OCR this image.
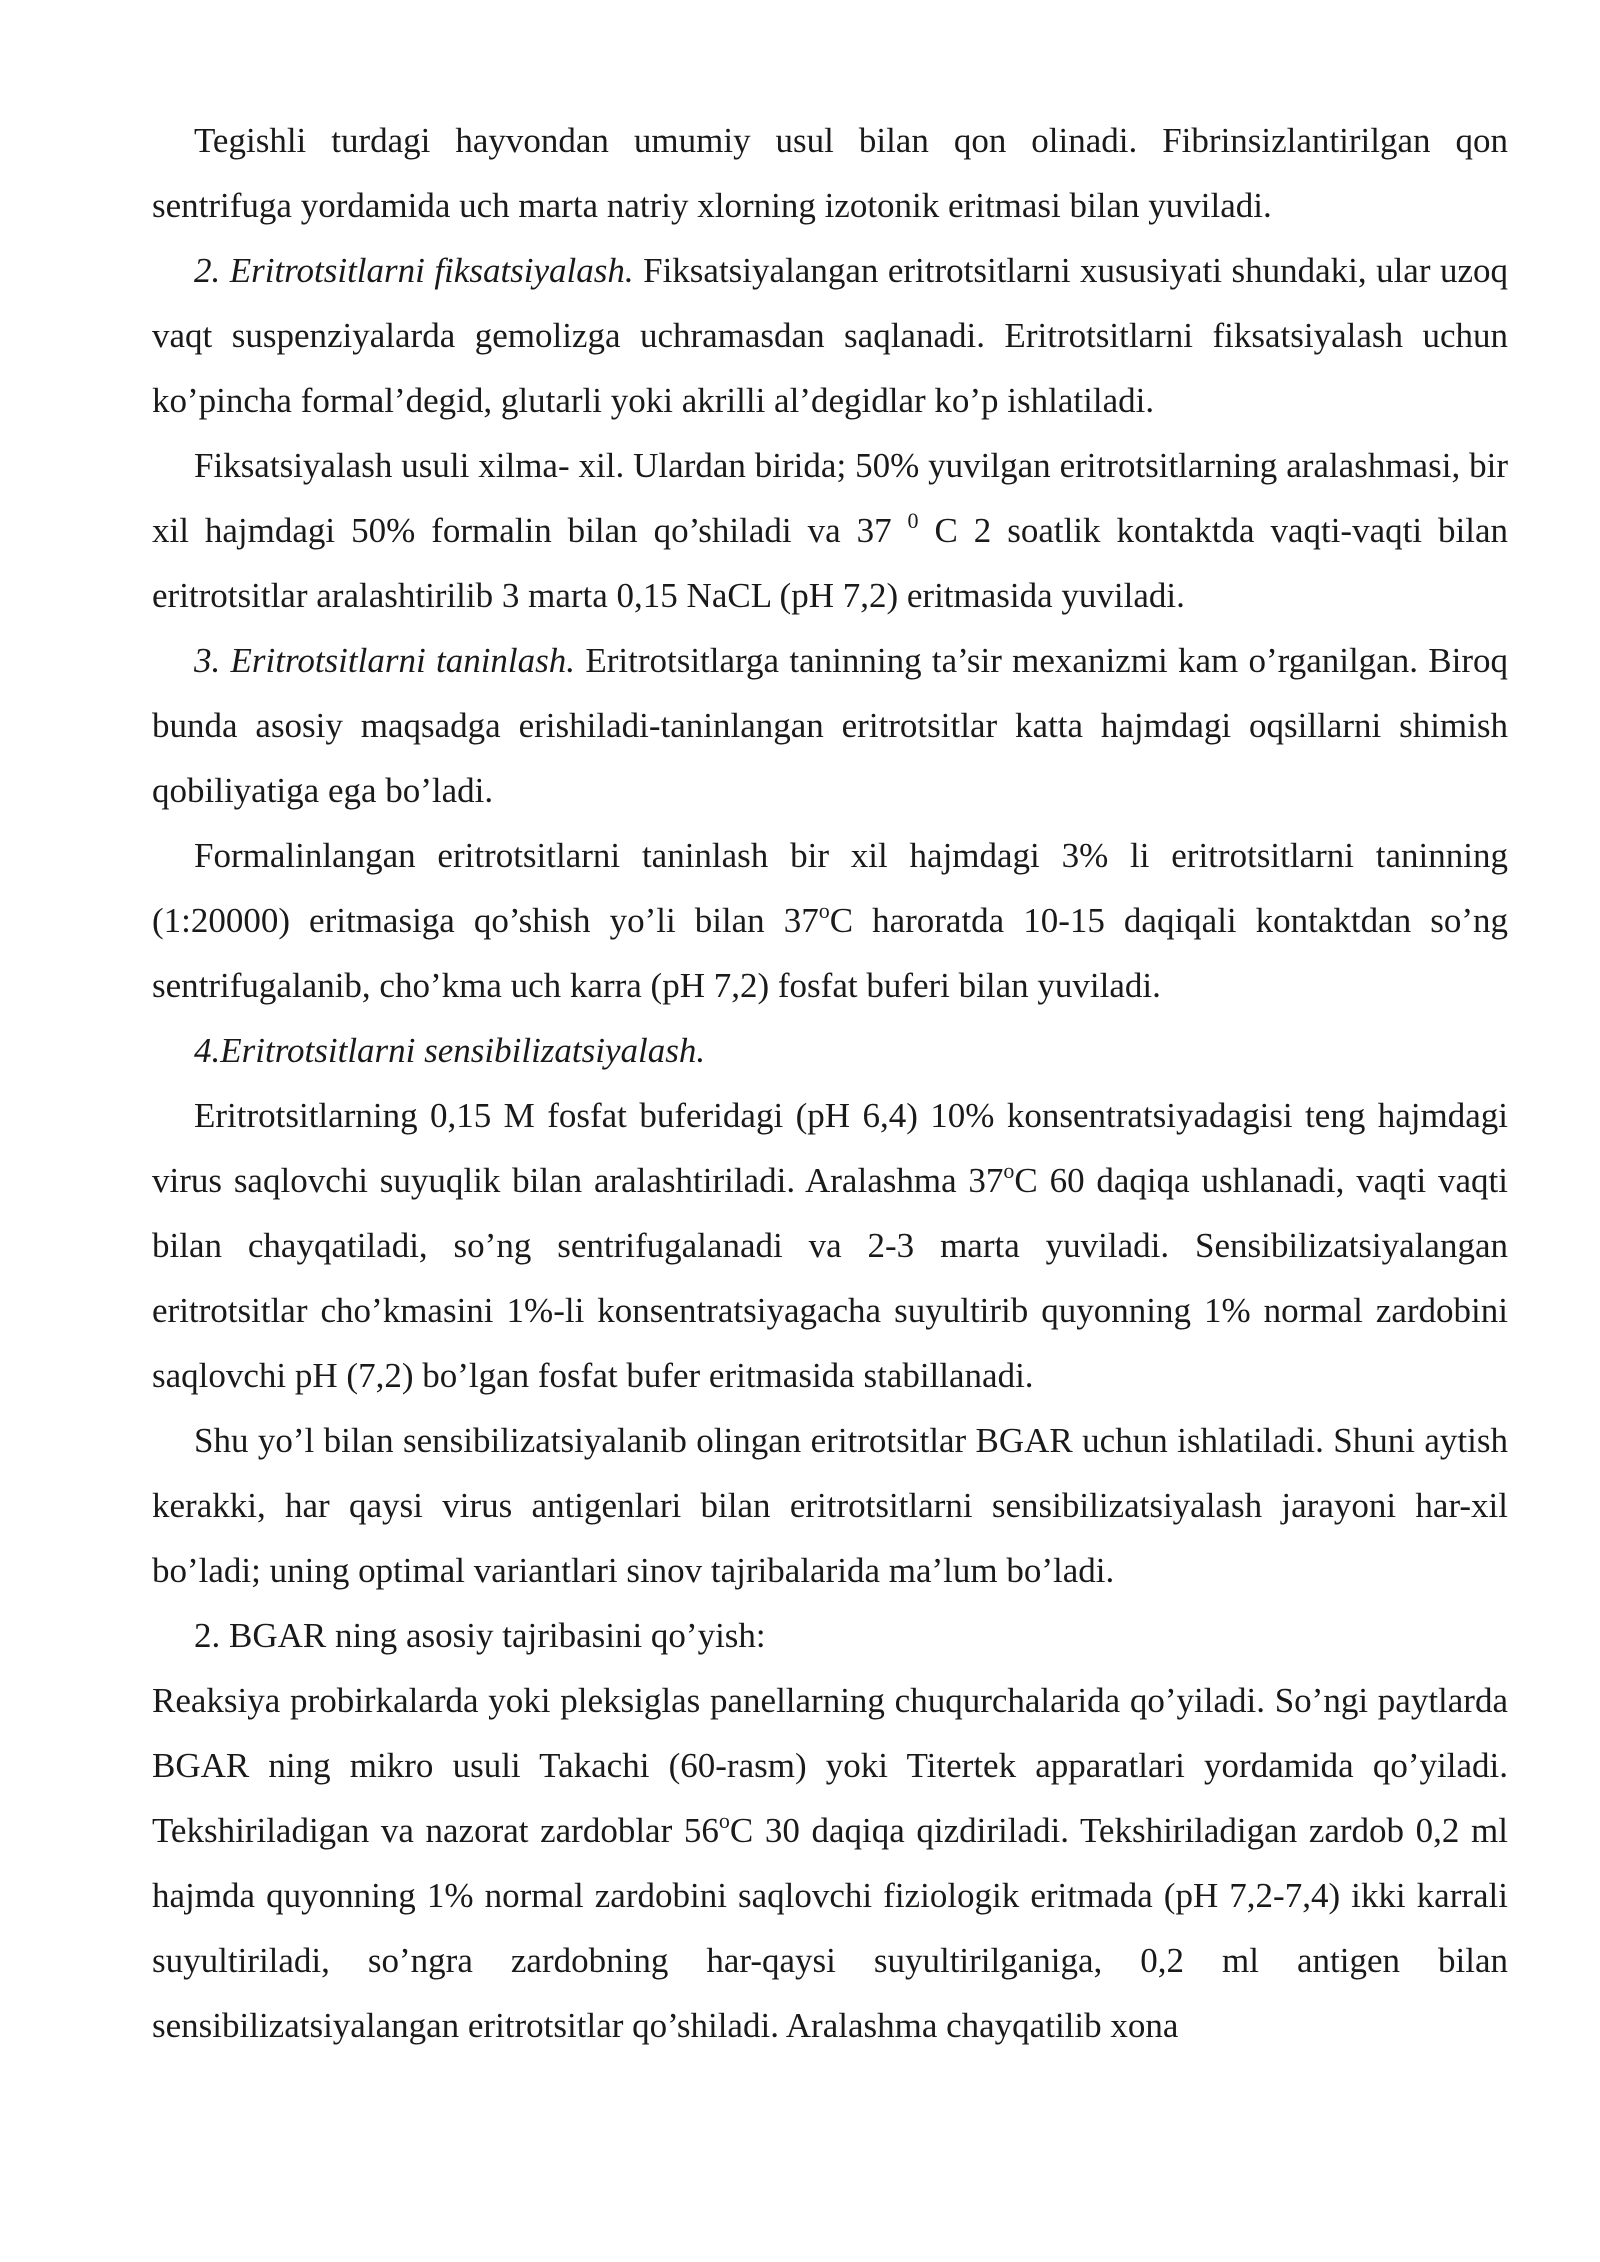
Tegishli turdagi hayvondan umumiy usul bilan qon olinadi. Fibrinsizlantirilgan qon sentrifuga yordamida uch marta natriy xlorning izotonik eritmasi bilan yuviladi.

2. Eritrotsitlarni fiksatsiyalash. Fiksatsiyalangan eritrotsitlarni xususiyati shundaki, ular uzoq vaqt suspenziyalarda gemolizga uchramasdan saqlanadi. Eritrotsitlarni fiksatsiyalash uchun ko’pincha formal’degid, glutarli yoki akrilli al’degidlar ko’p ishlatiladi.

Fiksatsiyalash usuli xilma- xil. Ulardan birida; 50% yuvilgan eritrotsitlarning aralashmasi, bir xil hajmdagi 50% formalin bilan qo’shiladi va 37 $^0$ C 2 soatlik kontaktda vaqti-vaqti bilan eritrotsitlar aralashtirilib 3 marta 0,15 NaCL (pH 7,2) eritmasida yuviladi.

3. Eritrotsitlarni taninlash. Eritrotsitlarga taninning ta’sir mexanizmi kam o’rganilgan. Biroq bunda asosiy maqsadga erishiladi-taninlangan eritrotsitlar katta hajmdagi oqsillarni shimish qobiliyatiga ega bo’ladi.

Formalinlangan eritrotsitlarni taninlash bir xil hajmdagi 3% li eritrotsitlarni taninning (1:20000) eritmasiga qo’shish yo’li bilan 37$^o$C haroratda 10-15 daqiqali kontaktdan so’ng sentrifugalanib, cho’kma uch karra (pH 7,2) fosfat buferi bilan yuviladi.

4.Eritrotsitlarni sensibilizatsiyalash.

Eritrotsitlarning 0,15 M fosfat buferidagi (pH 6,4) 10% konsentratsiyadagisi teng hajmdagi virus saqlovchi suyuqlik bilan aralashtiriladi. Aralashma 37$^o$C 60 daqiqa ushlanadi, vaqti vaqti bilan chayqatiladi, so’ng sentrifugalanadi va 2-3 marta yuviladi. Sensibilizatsiyalangan eritrotsitlar cho’kmasini 1%-li konsentratsiyagacha suyultirib quyonning 1% normal zardobini saqlovchi pH (7,2) bo’lgan fosfat bufer eritmasida stabillanadi.

Shu yo’l bilan sensibilizatsiyalanib olingan eritrotsitlar BGAR uchun ishlatiladi. Shuni aytish kerakki, har qaysi virus antigenlari bilan eritrotsitlarni sensibilizatsiyalash jarayoni har-xil bo’ladi; uning optimal variantlari sinov tajribalarida ma’lum bo’ladi.

2. BGAR ning asosiy tajribasini qo’yish:

Reaksiya probirkalarda yoki pleksiglas panellarning chuqurchalarida qo’yiladi. So’ngi paytlarda BGAR ning mikro usuli Takachi (60-rasm) yoki Titertek apparatlari yordamida qo’yiladi. Tekshiriladigan va nazorat zardoblar 56$^o$C 30 daqiqa qizdiriladi. Tekshiriladigan zardob 0,2 ml hajmda quyonning 1% normal zardobini saqlovchi fiziologik eritmada (pH 7,2-7,4) ikki karrali suyultiriladi, so’ngra zardobning har-qaysi suyultirilganiga, 0,2 ml antigen bilan sensibilizatsiyalangan eritrotsitlar qo’shiladi. Aralashma chayqatilib xona
